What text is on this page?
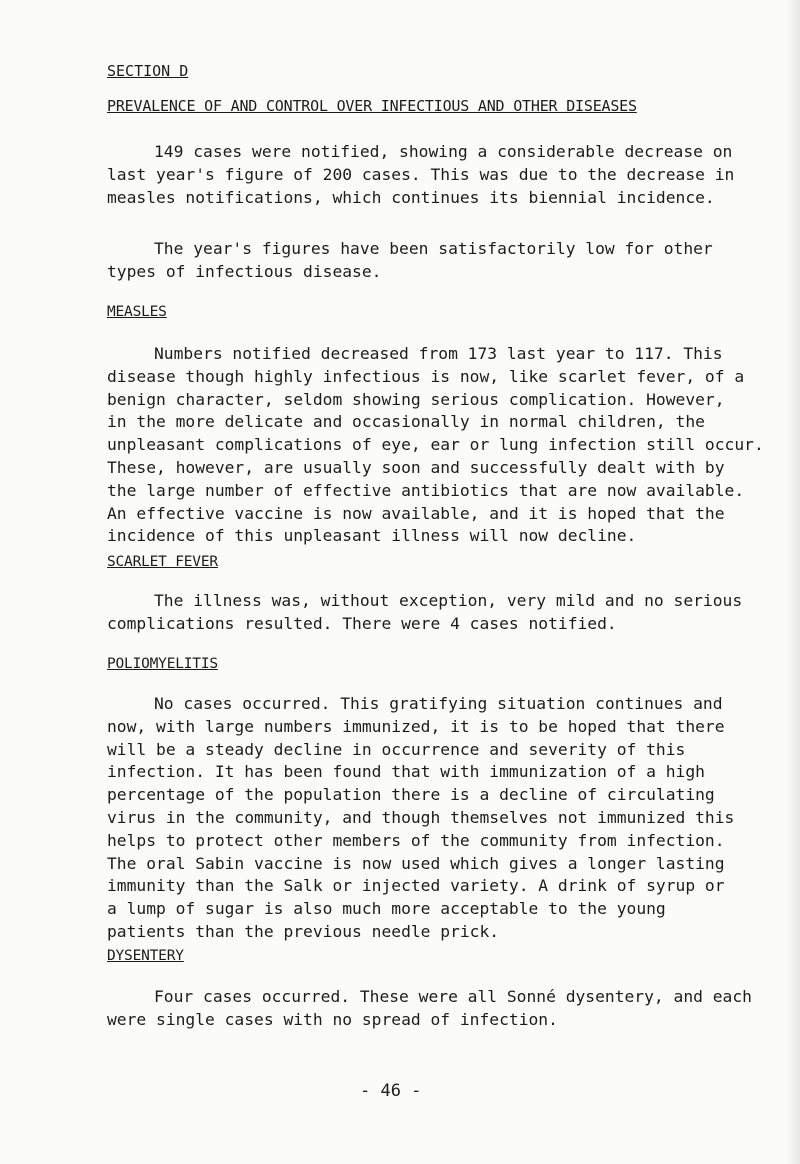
SECTION D
PREVALENCE OF AND CONTROL OVER INFECTIOUS AND OTHER DISEASES

149 cases were notified, showing a considerable decrease on
last year's figure of 200 cases. This was due to the decrease in
measles notifications, which continues its biennial incidence.

The year's figures have been satisfactorily low for other
types of infectious disease.

MEASLES

Numbers notified decreased from 173 last year to 117. This
disease though highly infectious is now, like scarlet fever, of a
benign character, seldom showing serious complication. However,
in the more delicate and occasionally in normal children, the
unpleasant complications of eye, ear or lung infection still occur.
These, however, are usually soon and successfully dealt with by
the large number of effective antibiotics that are now available.
An effective vaccine is now available, and it is hoped that the
incidence of this unpleasant illness will now decline.

SCARLET FEVER

The illness was, without exception, very mild and no serious
complications resulted. There were 4 cases notified.

POLIOMYELITIS

No cases occurred. This gratifying situation continues and
now, with large numbers immunized, it is to be hoped that there
will be a steady decline in occurrence and severity of this
infection. It has been found that with immunization of a high
percentage of the population there is a decline of circulating
virus in the community, and though themselves not immunized this
helps to protect other members of the community from infection.
The oral Sabin vaccine is now used which gives a longer lasting
immunity than the Salk or injected variety. A drink of syrup or
a lump of sugar is also much more acceptable to the young
patients than the previous needle prick.

DYSENTERY

Four cases occurred. These were all Sonné dysentery, and each
were single cases with no spread of infection.

- 46 -
